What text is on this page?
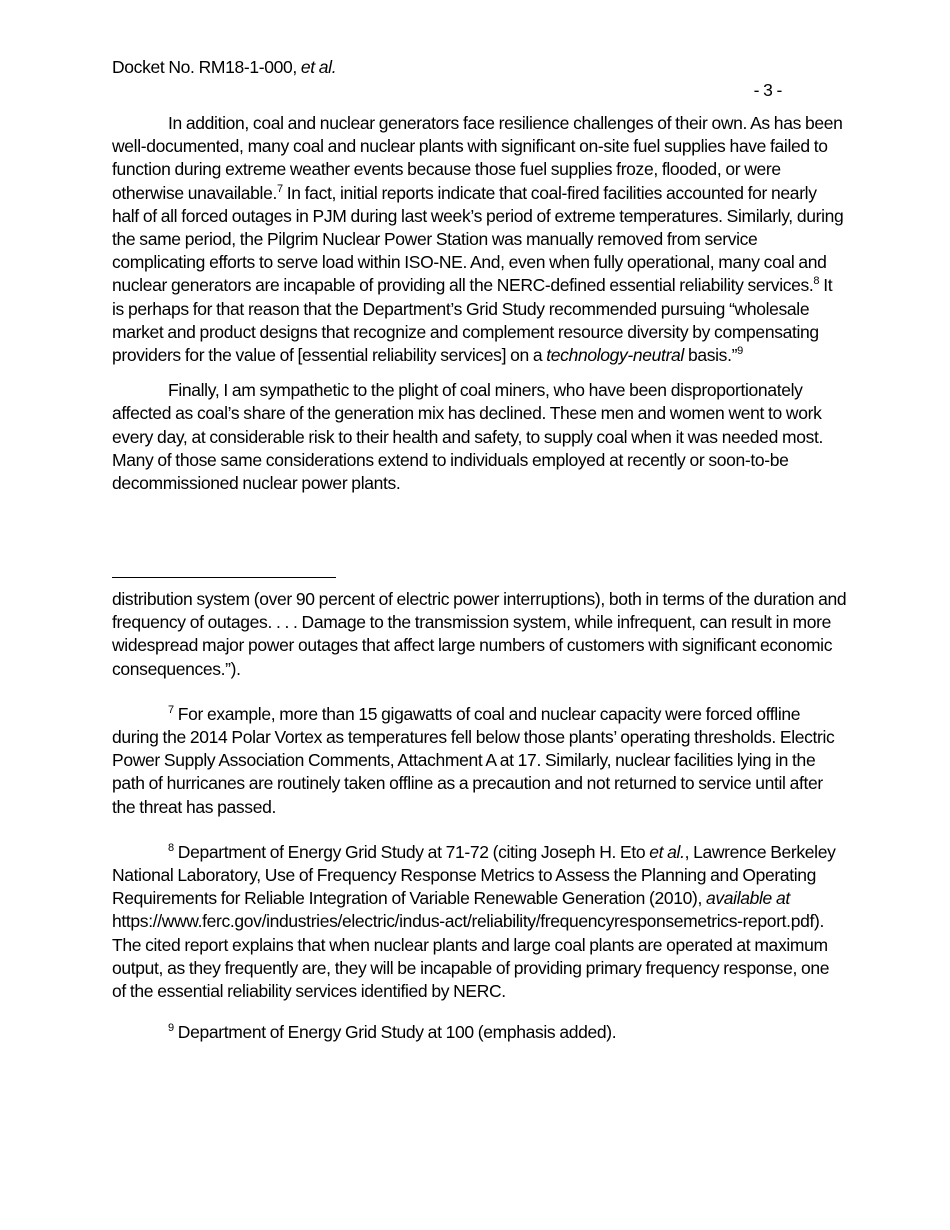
Docket No. RM18-1-000, et al.
- 3 -

In addition, coal and nuclear generators face resilience challenges of their own. As has been well-documented, many coal and nuclear plants with significant on-site fuel supplies have failed to function during extreme weather events because those fuel supplies froze, flooded, or were otherwise unavailable.$^7$ In fact, initial reports indicate that coal-fired facilities accounted for nearly half of all forced outages in PJM during last week’s period of extreme temperatures. Similarly, during the same period, the Pilgrim Nuclear Power Station was manually removed from service complicating efforts to serve load within ISO-NE. And, even when fully operational, many coal and nuclear generators are incapable of providing all the NERC-defined essential reliability services.$^8$ It is perhaps for that reason that the Department’s Grid Study recommended pursuing “wholesale market and product designs that recognize and complement resource diversity by compensating providers for the value of [essential reliability services] on a technology-neutral basis.”$^9$

Finally, I am sympathetic to the plight of coal miners, who have been disproportionately affected as coal’s share of the generation mix has declined. These men and women went to work every day, at considerable risk to their health and safety, to supply coal when it was needed most. Many of those same considerations extend to individuals employed at recently or soon-to-be decommissioned nuclear power plants.

distribution system (over 90 percent of electric power interruptions), both in terms of the duration and frequency of outages. . . . Damage to the transmission system, while infrequent, can result in more widespread major power outages that affect large numbers of customers with significant economic consequences.”).

$^7$ For example, more than 15 gigawatts of coal and nuclear capacity were forced offline during the 2014 Polar Vortex as temperatures fell below those plants’ operating thresholds. Electric Power Supply Association Comments, Attachment A at 17. Similarly, nuclear facilities lying in the path of hurricanes are routinely taken offline as a precaution and not returned to service until after the threat has passed.

$^8$ Department of Energy Grid Study at 71-72 (citing Joseph H. Eto et al., Lawrence Berkeley National Laboratory, Use of Frequency Response Metrics to Assess the Planning and Operating Requirements for Reliable Integration of Variable Renewable Generation (2010), available at https://www.ferc.gov/industries/electric/indus-act/reliability/frequencyresponsemetrics-report.pdf). The cited report explains that when nuclear plants and large coal plants are operated at maximum output, as they frequently are, they will be incapable of providing primary frequency response, one of the essential reliability services identified by NERC.

$^9$ Department of Energy Grid Study at 100 (emphasis added).
